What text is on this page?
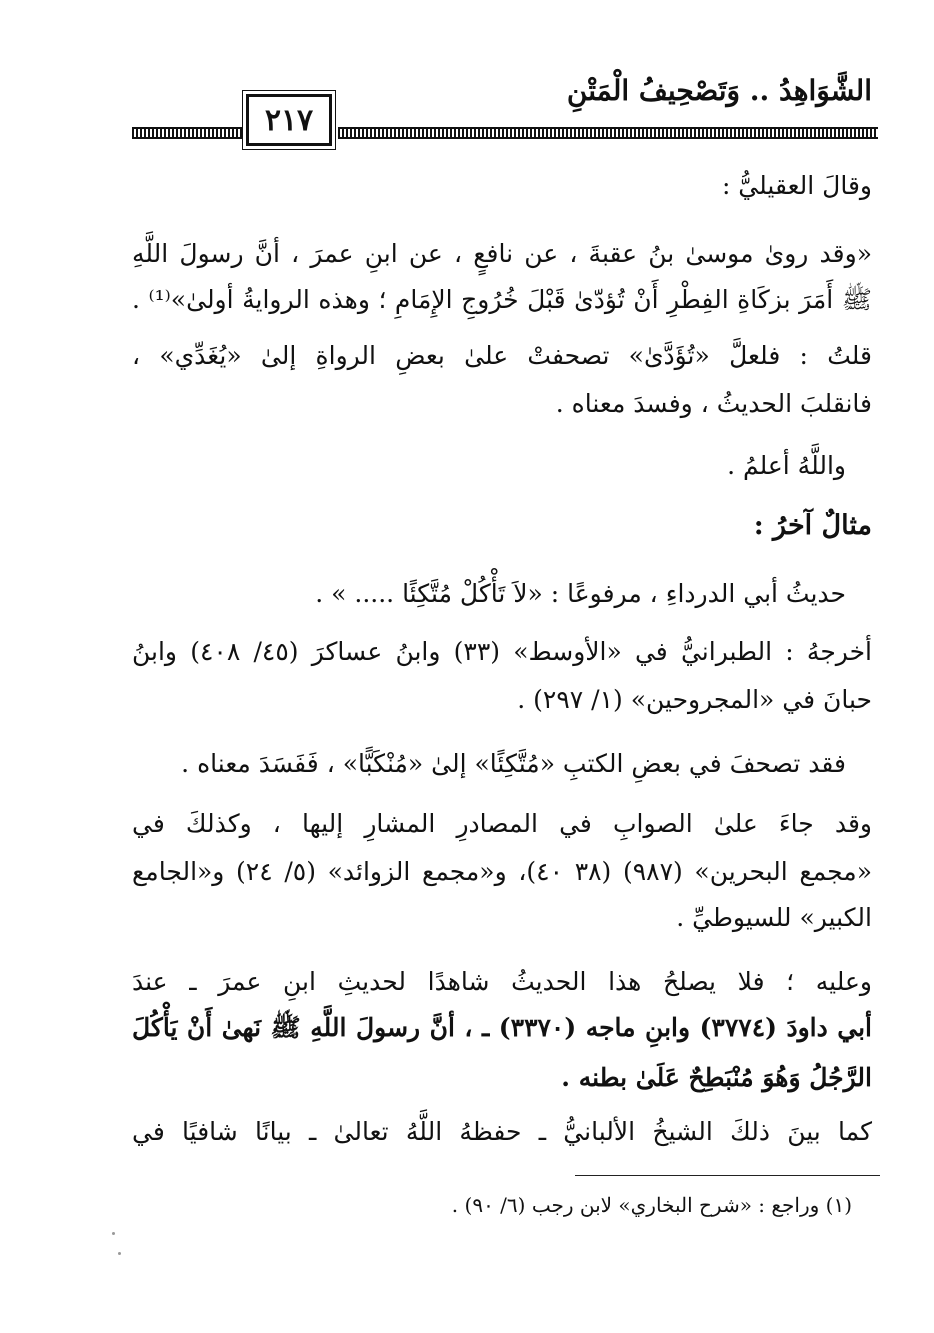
الشَّوَاهِدُ .. وَتَصْحِيفُ الْمَتْنِ
٢١٧
وقالَ العقيليُّ :
«وقد روىٰ موسىٰ بنُ عقبةَ ، عن نافعٍ ، عن ابنِ عمرَ ، أنَّ رسولَ اللَّهِ
ﷺ أَمَرَ بزكَاةِ الفِطْرِ أَنْ تُؤدّىٰ قَبْلَ خُرُوجِ الإِمَامِ ؛ وهذه الروايةُ أولىٰ»⁽¹⁾ .
قلتُ : فلعلَّ «تُؤَدَّىٰ» تصحفتْ علىٰ بعضِ الرواةِ إلىٰ «يُغَدِّي» ،
فانقلبَ الحديثُ ، وفسدَ معناه .
واللَّهُ أعلمُ .
مثالٌ آخرُ :
حديثُ أبي الدرداءِ ، مرفوعًا : «لاَ تَأْكُلْ مُتَّكِئًا ..... » .
أخرجهُ : الطبرانيُّ في «الأوسط» (٣٣) وابنُ عساكرَ (٤٥/ ٤٠٨) وابنُ
حبانَ في «المجروحين» (١/ ٢٩٧) .
فقد تصحفَ في بعضِ الكتبِ «مُتَّكِئًا» إلىٰ «مُنْكَبًّا» ، فَفَسَدَ معناه .
وقد جاءَ علىٰ الصوابِ في المصادرِ المشارِ إليها ، وكذلكَ في
«مجمع البحرين» (٩٨٧) (٣٨ ٤٠)، و«مجمع الزوائد» (٥/ ٢٤) و«الجامع
الكبير» للسيوطيِّ .
وعليه ؛ فلا يصلحُ هذا الحديثُ شاهدًا لحديثِ ابنِ عمرَ ـ عندَ
أبي داودَ (٣٧٧٤) وابنِ ماجه (٣٣٧٠) ـ ، أنَّ رسولَ اللَّهِ ﷺ نَهىٰ أَنْ يَأْكُلَ
الرَّجُلُ وَهُوَ مُنْبَطِحٌ عَلَىٰ بطنه .
كما بينَ ذلكَ الشيخُ الألبانيُّ ـ حفظهُ اللَّهُ تعالىٰ ـ بيانًا شافيًا في
(١) وراجع : «شرح البخاري» لابن رجب (٦/ ٩٠) .
